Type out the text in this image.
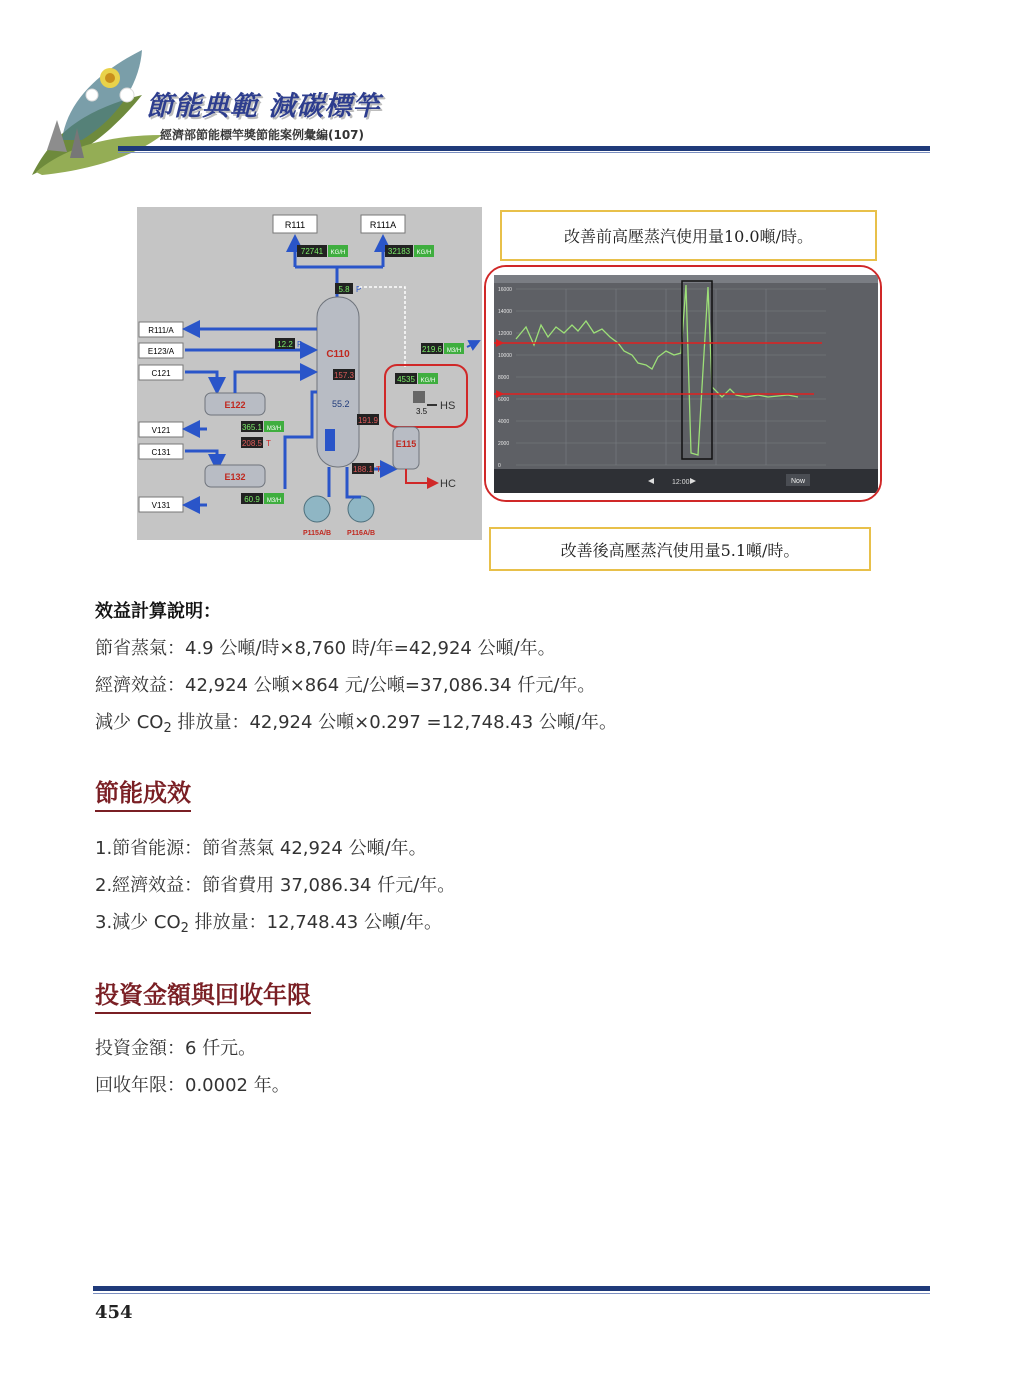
節能典範 減碳標竿
經濟部節能標竿獎節能案例彙編(107)
R111	R111A
72741 KG/H	32183 KG/H
C110
55.2
5.8 P
R111/A
E123/A
C121
V121
C131
V131
12.2 P
E122
365.1 M3/H
208.5 T
E132
60.9 M3/H
P115A/B P116A/B
157.3
191.9
188.1 T
4535 KG/H
3.5 HS
E115
HC
219.6 M3/H
改善前高壓蒸汽使用量10.0噸/時。
改善後高壓蒸汽使用量5.1噸/時。
16000
14000
12000
10000
8000
6000
4000
2000
0
12:00	Now
效益計算說明：
節省蒸氣：4.9 公噸/時×8,760 時/年=42,924 公噸/年。
經濟效益：42,924 公噸×864 元/公噸=37,086.34 仟元/年。
減少 $CO_2$ 排放量：42,924 公噸×0.297 =12,748.43 公噸/年。
節能成效
1.節省能源：節省蒸氣 42,924 公噸/年。
2.經濟效益：節省費用 37,086.34 仟元/年。
3.減少 $CO_2$ 排放量：12,748.43 公噸/年。
投資金額與回收年限
投資金額：6 仟元。
回收年限：0.0002 年。
454
